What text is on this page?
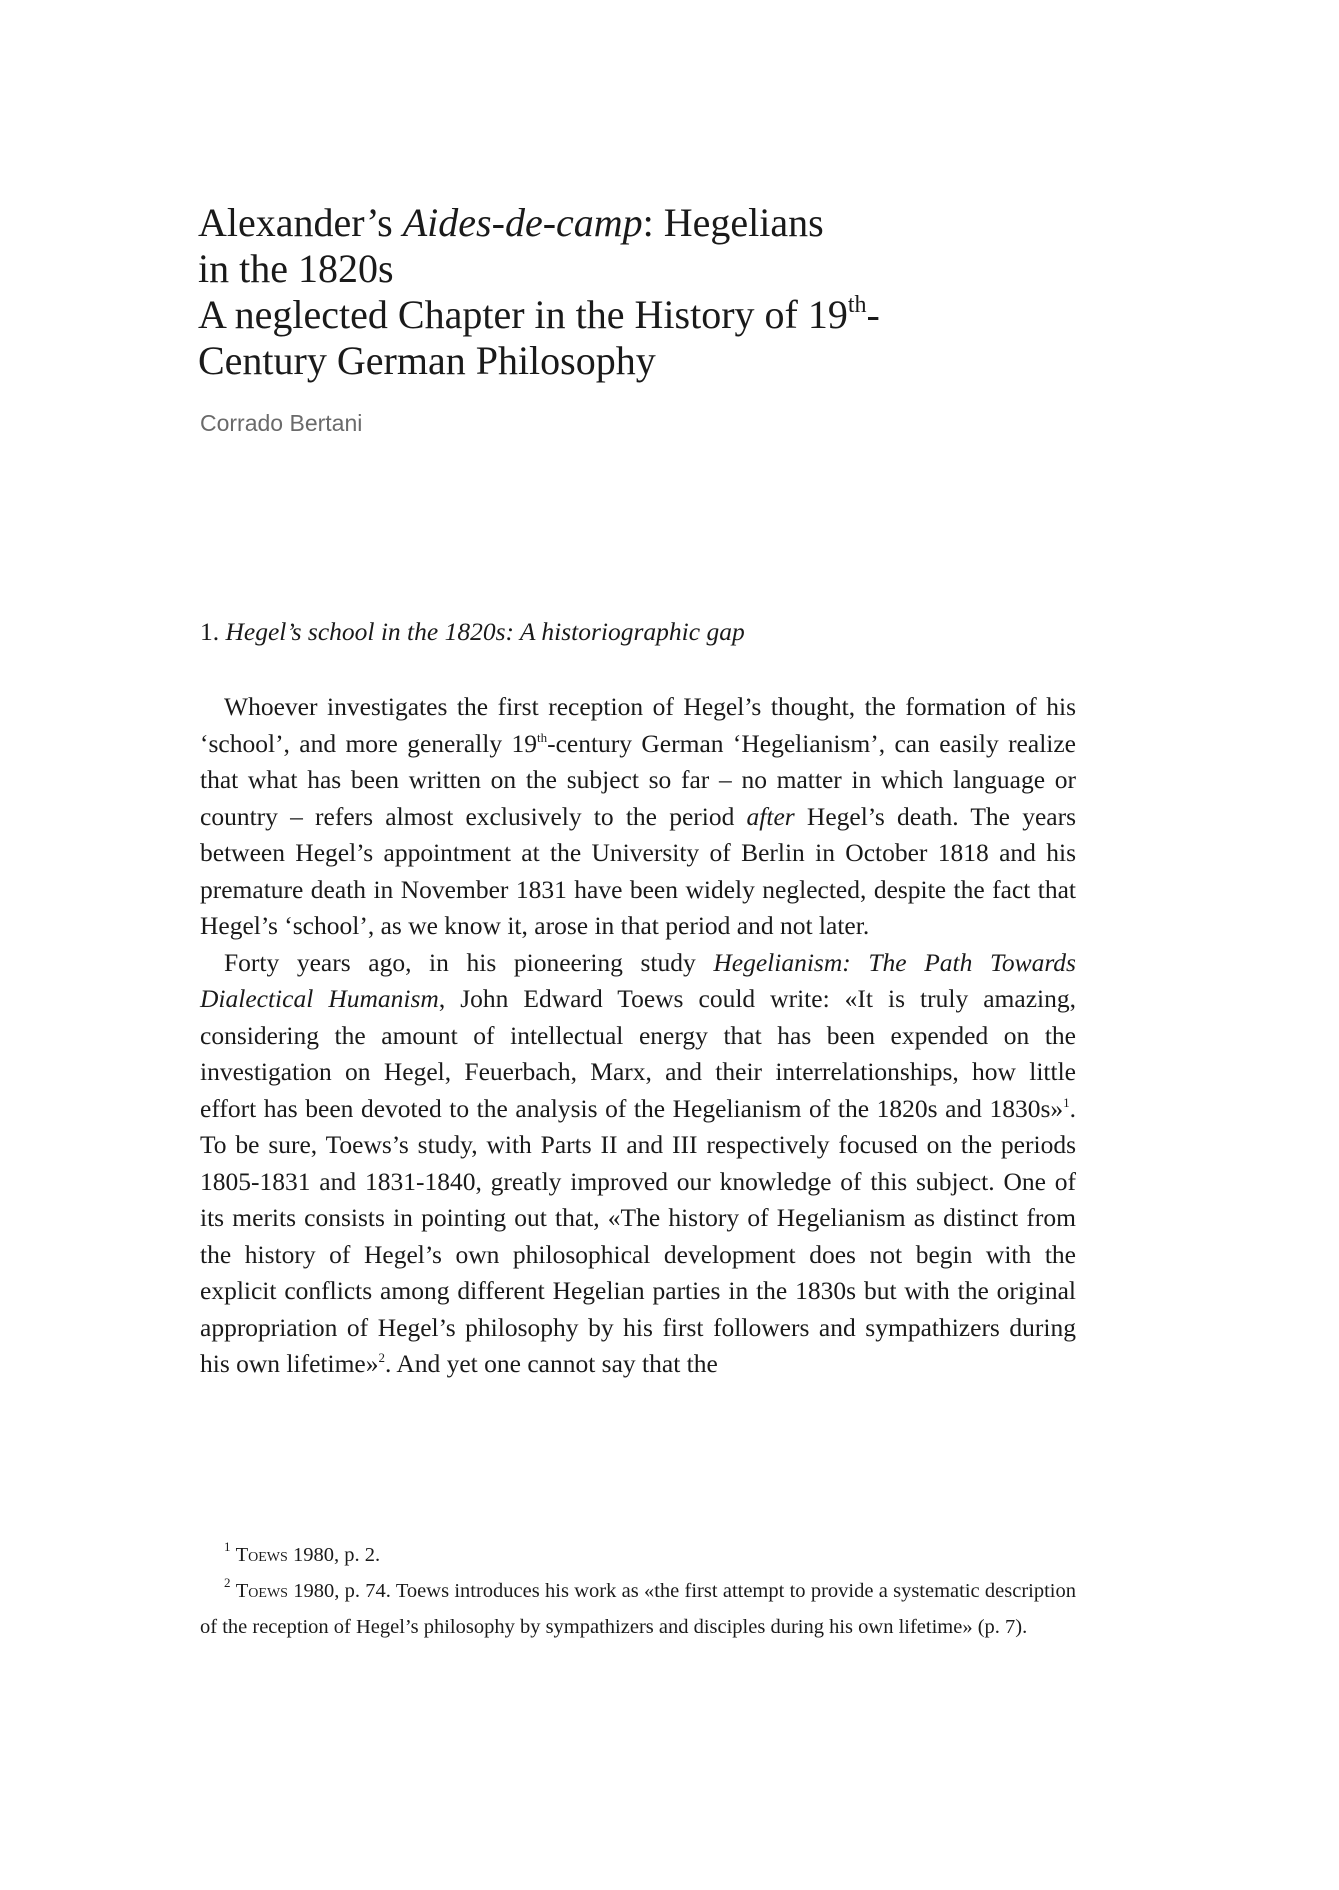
Alexander’s Aides-de-camp: Hegelians
in the 1820s
A neglected Chapter in the History of 19th-
Century German Philosophy
Corrado Bertani
1. Hegel’s school in the 1820s: A historiographic gap

Whoever investigates the first reception of Hegel’s thought, the formation of his ‘school’, and more generally 19th-century German ‘Hegelianism’, can easily realize that what has been written on the subject so far – no matter in which language or country – refers almost exclusively to the period after Hegel’s death. The years between Hegel’s appointment at the University of Berlin in October 1818 and his premature death in November 1831 have been widely neglected, despite the fact that Hegel’s ‘school’, as we know it, arose in that period and not later.

Forty years ago, in his pioneering study Hegelianism: The Path Towards Dialectical Humanism, John Edward Toews could write: «It is truly amazing, considering the amount of intellectual energy that has been expended on the investigation on Hegel, Feuerbach, Marx, and their interrelationships, how little effort has been devoted to the analysis of the Hegelianism of the 1820s and 1830s»$^1$. To be sure, Toews’s study, with Parts II and III respectively focused on the periods 1805-1831 and 1831-1840, greatly improved our knowledge of this subject. One of its merits consists in pointing out that, «The history of Hegelianism as distinct from the history of Hegel’s own philosophical development does not begin with the explicit conflicts among different Hegelian parties in the 1830s but with the original appropriation of Hegel’s philosophy by his first followers and sympathizers during his own lifetime»$^2$. And yet one cannot say that the

$^1$ Toews 1980, p. 2.

$^2$ Toews 1980, p. 74. Toews introduces his work as «the first attempt to provide a systematic description of the reception of Hegel’s philosophy by sympathizers and disciples during his own lifetime» (p. 7).
